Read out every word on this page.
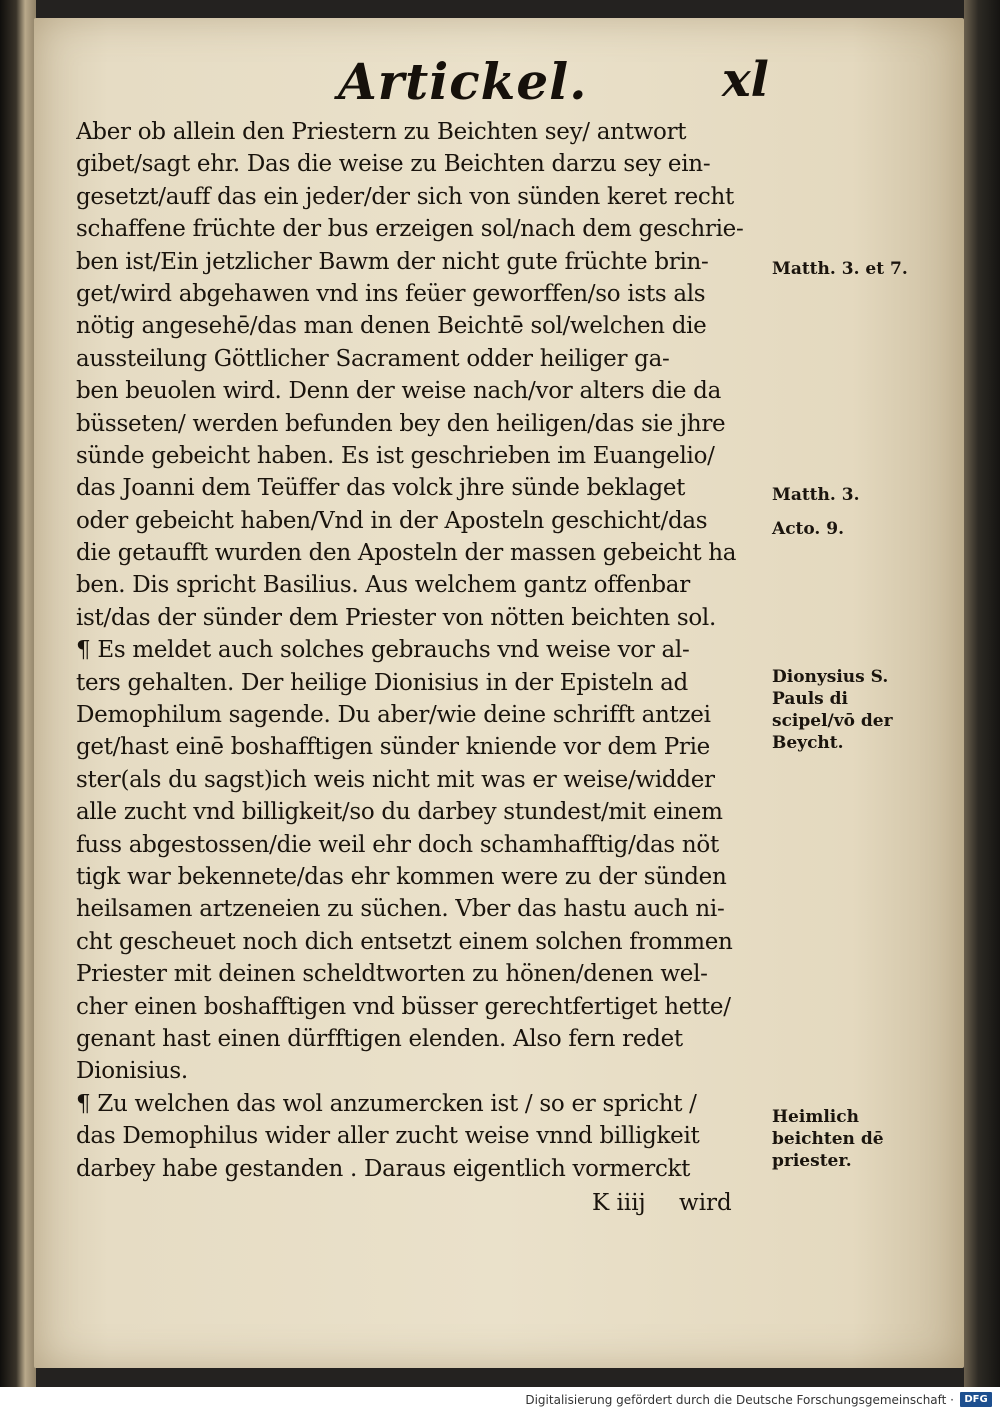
Artickel.	xl
Aber ob allein den Priestern zu Beichten sey/ antwort
gibet/sagt ehr. Das die weise zu Beichten darzu sey ein-
gesetzt/auff das ein jeder/der sich von sünden keret recht
schaffene früchte der bus erzeigen sol/nach dem geschrie-
ben ist/Ein jetzlicher Bawm der nicht gute früchte brin-
get/wird abgehawen vnd ins feüer geworffen/so ists als
nötig angesehē/das man denen Beichtē sol/welchen die
aussteilung Göttlicher Sacrament odder heiliger ga-
ben beuolen wird. Denn der weise nach/vor alters die da
büsseten/ werden befunden bey den heiligen/das sie jhre
sünde gebeicht haben. Es ist geschrieben im Euangelio/
das Joanni dem Teüffer das volck jhre sünde beklaget
oder gebeicht haben/Vnd in der Aposteln geschicht/das
die getaufft wurden den Aposteln der massen gebeicht ha
ben. Dis spricht Basilius. Aus welchem gantz offenbar
ist/das der sünder dem Priester von nötten beichten sol.
¶ Es meldet auch solches gebrauchs vnd weise vor al-
ters gehalten. Der heilige Dionisius in der Episteln ad
Demophilum sagende. Du aber/wie deine schrifft antzei
get/hast einē boshafftigen sünder kniende vor dem Prie
ster(als du sagst)ich weis nicht mit was er weise/widder
alle zucht vnd billigkeit/so du darbey stundest/mit einem
fuss abgestossen/die weil ehr doch schamhafftig/das nöt
tigk war bekennete/das ehr kommen were zu der sünden
heilsamen artzeneien zu süchen. Vber das hastu auch ni-
cht gescheuet noch dich entsetzt einem solchen frommen
Priester mit deinen scheldtworten zu hönen/denen wel-
cher einen boshafftigen vnd büsser gerechtfertiget hette/
genant hast einen dürfftigen elenden. Also fern redet
Dionisius.
¶ Zu welchen das wol anzumercken ist / so er spricht /
das Demophilus wider aller zucht weise vnnd billigkeit
darbey habe gestanden . Daraus eigentlich vormerckt
K iiij wird
Matth. 3. et 7.
Matth. 3.
Acto. 9.
Dionysius S. Pauls di scipel/vō der Beycht.
Heimlich beichten dē priester.
Digitalisierung gefördert durch die Deutsche Forschungsgemeinschaft ·	DFG
